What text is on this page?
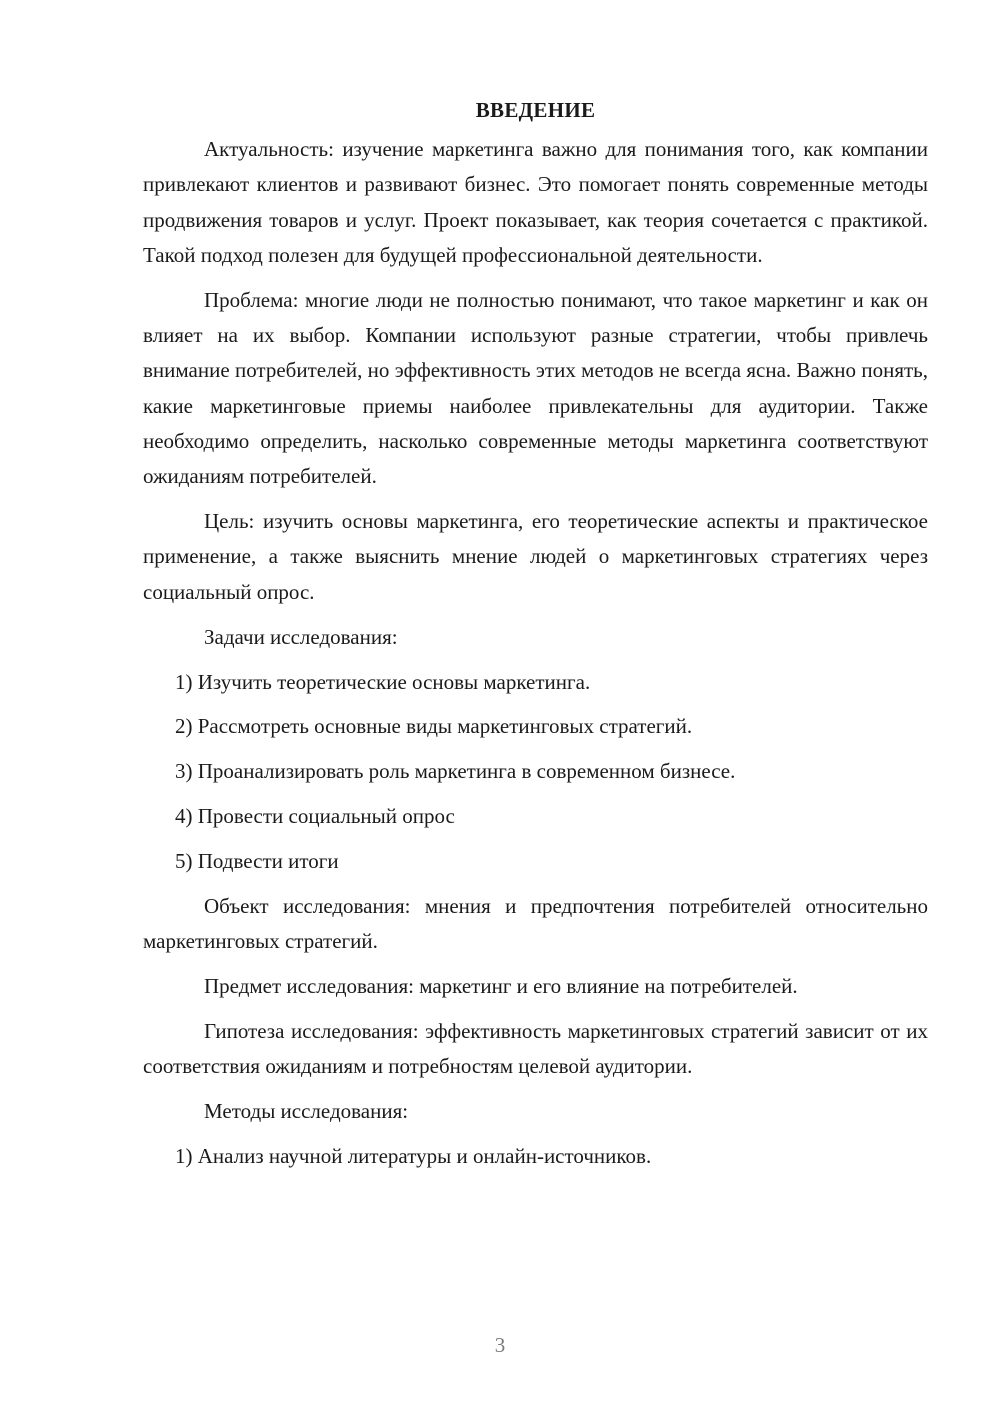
ВВЕДЕНИЕ

Актуальность: изучение маркетинга важно для понимания того, как компании привлекают клиентов и развивают бизнес. Это помогает понять современные методы продвижения товаров и услуг. Проект показывает, как теория сочетается с практикой. Такой подход полезен для будущей профессиональной деятельности.

Проблема: многие люди не полностью понимают, что такое маркетинг и как он влияет на их выбор. Компании используют разные стратегии, чтобы привлечь внимание потребителей, но эффективность этих методов не всегда ясна. Важно понять, какие маркетинговые приемы наиболее привлекательны для аудитории. Также необходимо определить, насколько современные методы маркетинга соответствуют ожиданиям потребителей.

Цель: изучить основы маркетинга, его теоретические аспекты и практическое применение, а также выяснить мнение людей о маркетинговых стратегиях через социальный опрос.

Задачи исследования:

1) Изучить теоретические основы маркетинга.

2) Рассмотреть основные виды маркетинговых стратегий.

3) Проанализировать роль маркетинга в современном бизнесе.

4) Провести социальный опрос

5) Подвести итоги

Объект исследования: мнения и предпочтения потребителей относительно маркетинговых стратегий.

Предмет исследования: маркетинг и его влияние на потребителей.

Гипотеза исследования: эффективность маркетинговых стратегий зависит от их соответствия ожиданиям и потребностям целевой аудитории.

Методы исследования:

1) Анализ научной литературы и онлайн-источников.

3
